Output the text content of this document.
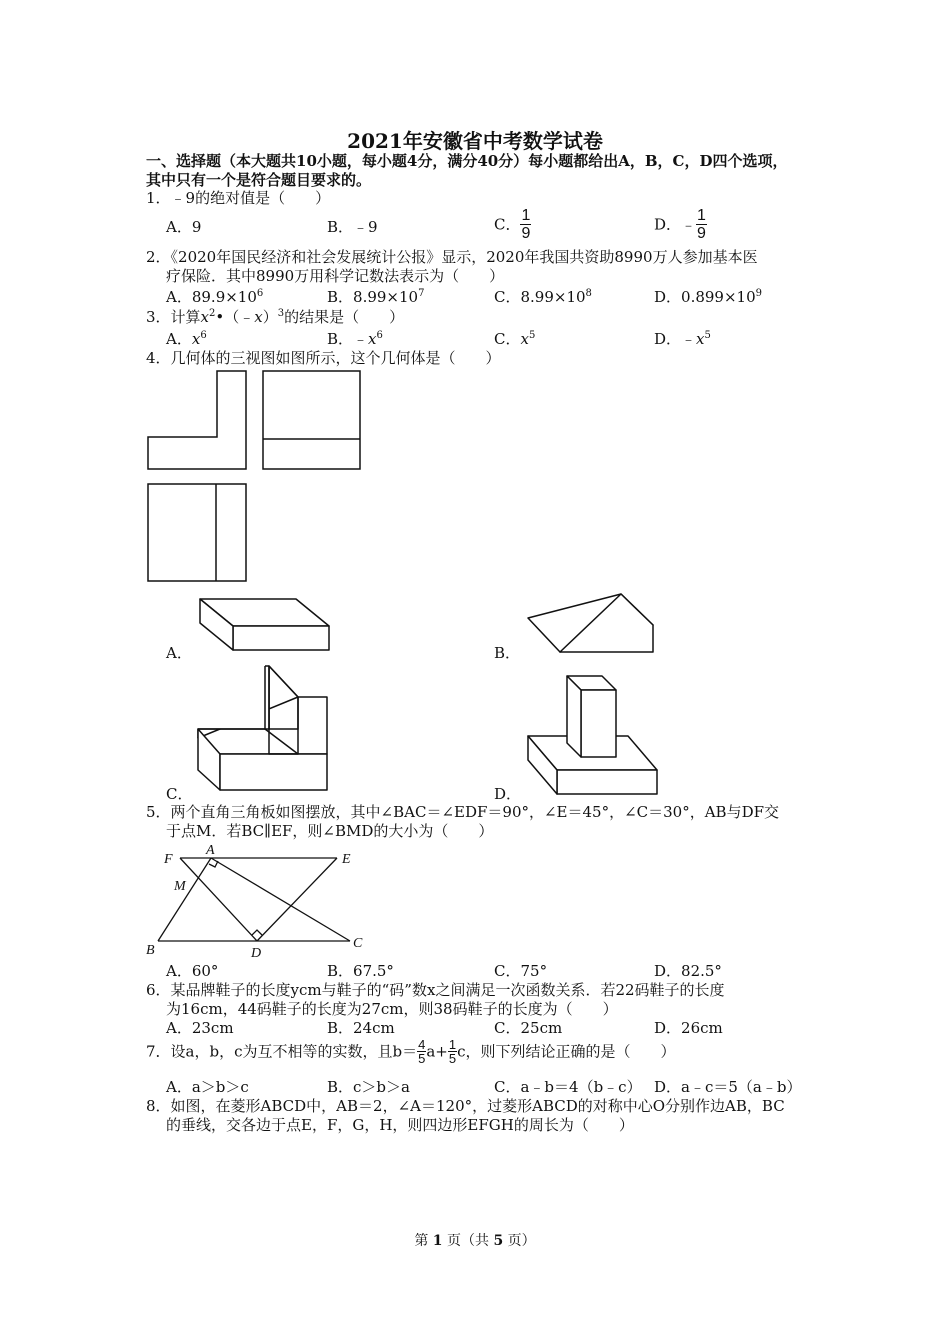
2021年安徽省中考数学试卷
一、选择题（本大题共10小题，每小题4分，满分40分）每小题都给出A，B，C，D四个选项，
其中只有一个是符合题目要求的。
1．﹣9的绝对值是（　　）
A．9	B．﹣9	C． $\frac{1}{9}$	D．﹣ $\frac{1}{9}$
2．《2020年国民经济和社会发展统计公报》显示，2020年我国共资助8990万人参加基本医
疗保险．其中8990万用科学记数法表示为（　　）
A．$89.9\times 10^6$	B．$8.99\times 10^7$	C．$8.99\times 10^8$	D．$0.899\times 10^9$
3．计算$x^2•(﹣x)^3$的结果是（　　）
A．$x^6$	B．$﹣x^6$	C．$x^5$	D．$﹣x^5$
4．几何体的三视图如图所示，这个几何体是（　　）
A．	B．
C．	D．
5．两个直角三角板如图摆放，其中∠BAC＝∠EDF＝90°，∠E＝45°，∠C＝30°，AB与DF交
于点M．若BC∥EF，则∠BMD的大小为（　　）
F
A
E
M
B	D
C
A．60°	B．67.5°	C．75°	D．82.5°
6．某品牌鞋子的长度ycm与鞋子的“码”数x之间满足一次函数关系．若22码鞋子的长度
为16cm，44码鞋子的长度为27cm，则38码鞋子的长度为（　　）
A．23cm	B．24cm	C．25cm	D．26cm
7．设a，b，c为互不相等的实数，且$b= \frac{4}{5} a+ \frac{1}{5}$ c，则下列结论正确的是（　　）
A．a＞b＞c	B．c＞b＞a	C．a﹣b＝4（b﹣c） D．a﹣c＝5（a﹣b）
8．如图，在菱形ABCD中，AB＝2，∠A＝120°，过菱形ABCD的对称中心O分别作边AB，BC
的垂线，交各边于点E，F，G，H，则四边形EFGH的周长为（　　）
第 1 页（共 5 页）
